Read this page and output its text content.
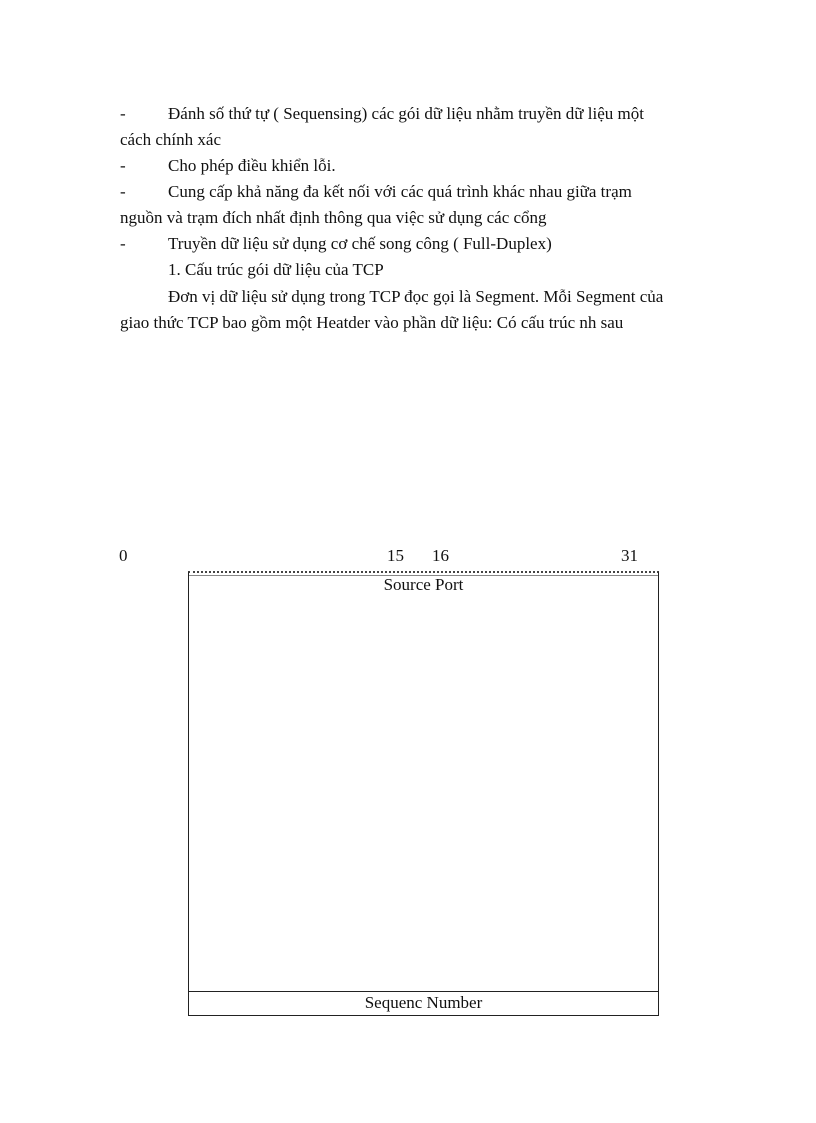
- Đánh số thứ tự ( Sequensing) các gói dữ liệu nhằm truyền dữ liệu một
cách chính xác
- Cho phép điều khiển lỗi.
- Cung cấp khả năng đa kết nối với các quá trình khác nhau giữa trạm
nguồn và trạm đích nhất định thông qua việc sử dụng các cổng
- Truyền dữ liệu sử dụng cơ chế song công ( Full-Duplex)
1. Cấu trúc gói dữ liệu của TCP
Đơn vị dữ liệu sử dụng trong TCP đọc gọi là Segment. Mỗi Segment của
giao thức TCP bao gồm một Heatder vào phần dữ liệu: Có cấu trúc nh sau
0	15 16	31
Source Port
Sequenc Number
